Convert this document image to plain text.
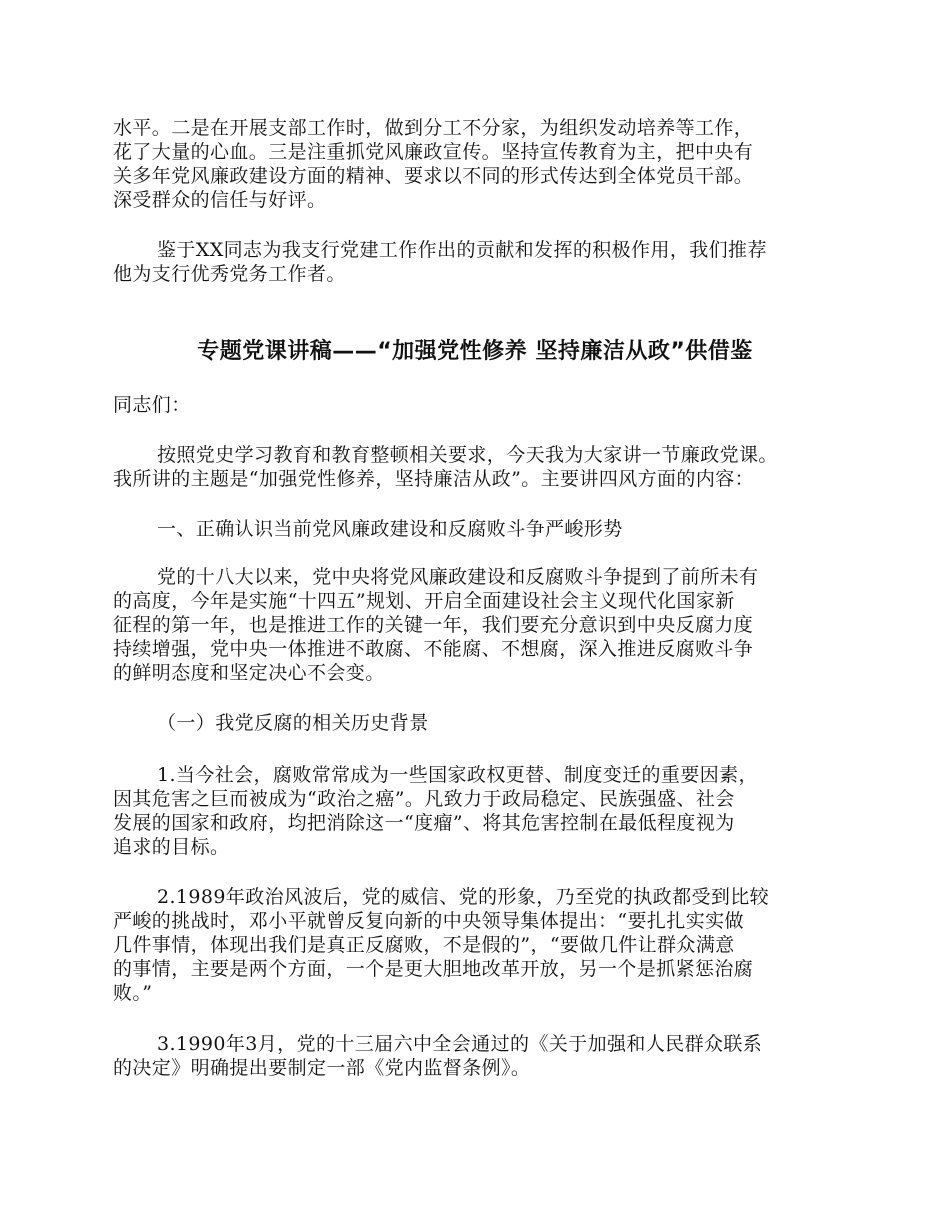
水平。二是在开展支部工作时，做到分工不分家，为组织发动培养等工作，
花了大量的心血。三是注重抓党风廉政宣传。坚持宣传教育为主，把中央有
关多年党风廉政建设方面的精神、要求以不同的形式传达到全体党员干部。
深受群众的信任与好评。
鉴于XX同志为我支行党建工作作出的贡献和发挥的积极作用，我们推荐
他为支行优秀党务工作者。
专题党课讲稿——“加强党性修养 坚持廉洁从政”供借鉴
同志们：
按照党史学习教育和教育整顿相关要求，今天我为大家讲一节廉政党课。
我所讲的主题是“加强党性修养，坚持廉洁从政”。主要讲四风方面的内容：
一、正确认识当前党风廉政建设和反腐败斗争严峻形势
党的十八大以来，党中央将党风廉政建设和反腐败斗争提到了前所未有
的高度，今年是实施“十四五”规划、开启全面建设社会主义现代化国家新
征程的第一年，也是推进工作的关键一年，我们要充分意识到中央反腐力度
持续增强，党中央一体推进不敢腐、不能腐、不想腐，深入推进反腐败斗争
的鲜明态度和坚定决心不会变。
（一）我党反腐的相关历史背景
1.当今社会，腐败常常成为一些国家政权更替、制度变迁的重要因素，
因其危害之巨而被成为“政治之癌”。凡致力于政局稳定、民族强盛、社会
发展的国家和政府，均把消除这一“度瘤”、将其危害控制在最低程度视为
追求的目标。
2.1989年政治风波后，党的威信、党的形象，乃至党的执政都受到比较
严峻的挑战时，邓小平就曾反复向新的中央领导集体提出：“要扎扎实实做
几件事情，体现出我们是真正反腐败，不是假的”，“要做几件让群众满意
的事情，主要是两个方面，一个是更大胆地改革开放，另一个是抓紧惩治腐
败。”
3.1990年3月，党的十三届六中全会通过的《关于加强和人民群众联系
的决定》明确提出要制定一部《党内监督条例》。
